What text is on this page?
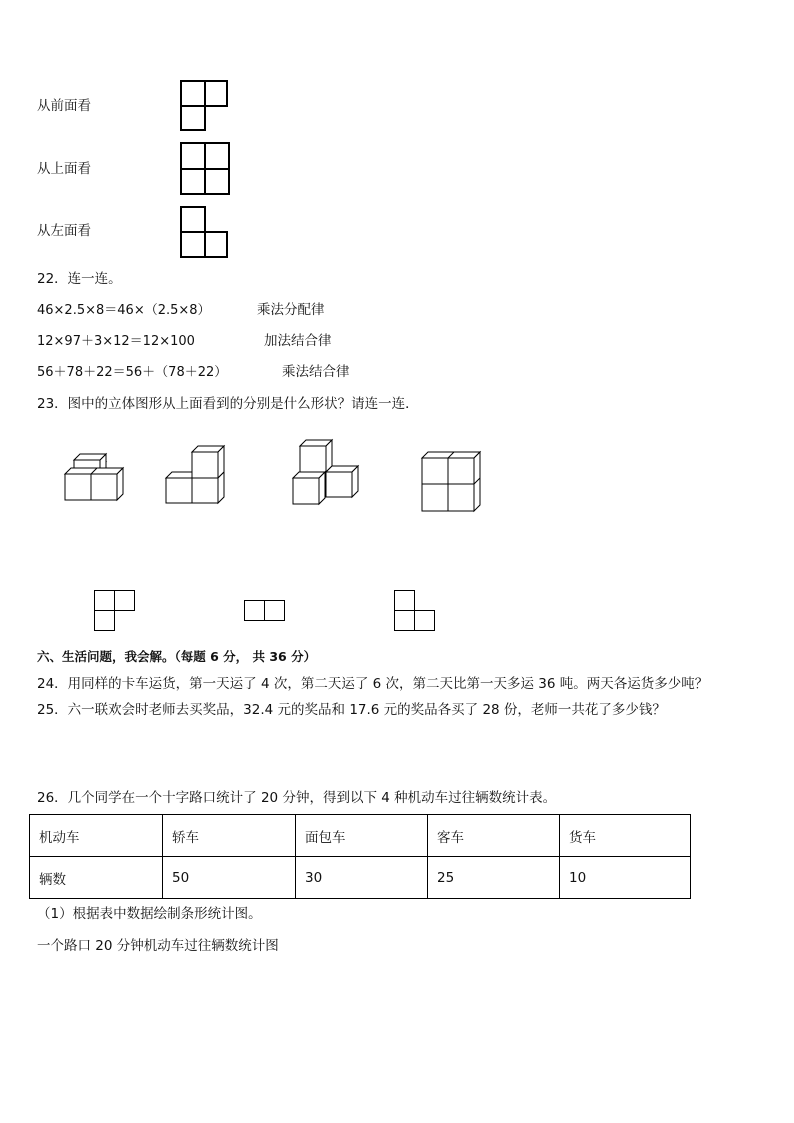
从前面看
从上面看
从左面看
22．连一连。
46×2.5×8＝46×（2.5×8）
12×97＋3×12＝12×100
56＋78＋22＝56＋（78＋22）
乘法分配律
加法结合律
乘法结合律
23．图中的立体图形从上面看到的分别是什么形状？请连一连．
六、生活问题，我会解。（每题 6 分， 共 36 分）
24．用同样的卡车运货，第一天运了 4 次，第二天运了 6 次，第二天比第一天多运 36 吨。两天各运货多少吨？
25．六一联欢会时老师去买奖品，32.4 元的奖品和 17.6 元的奖品各买了 28 份，老师一共花了多少钱？
26．几个同学在一个十字路口统计了 20 分钟，得到以下 4 种机动车过往辆数统计表。
机动车	轿车	面包车	客车	货车
辆数	50	30	25	10
（1）根据表中数据绘制条形统计图。
一个路口 20 分钟机动车过往辆数统计图
